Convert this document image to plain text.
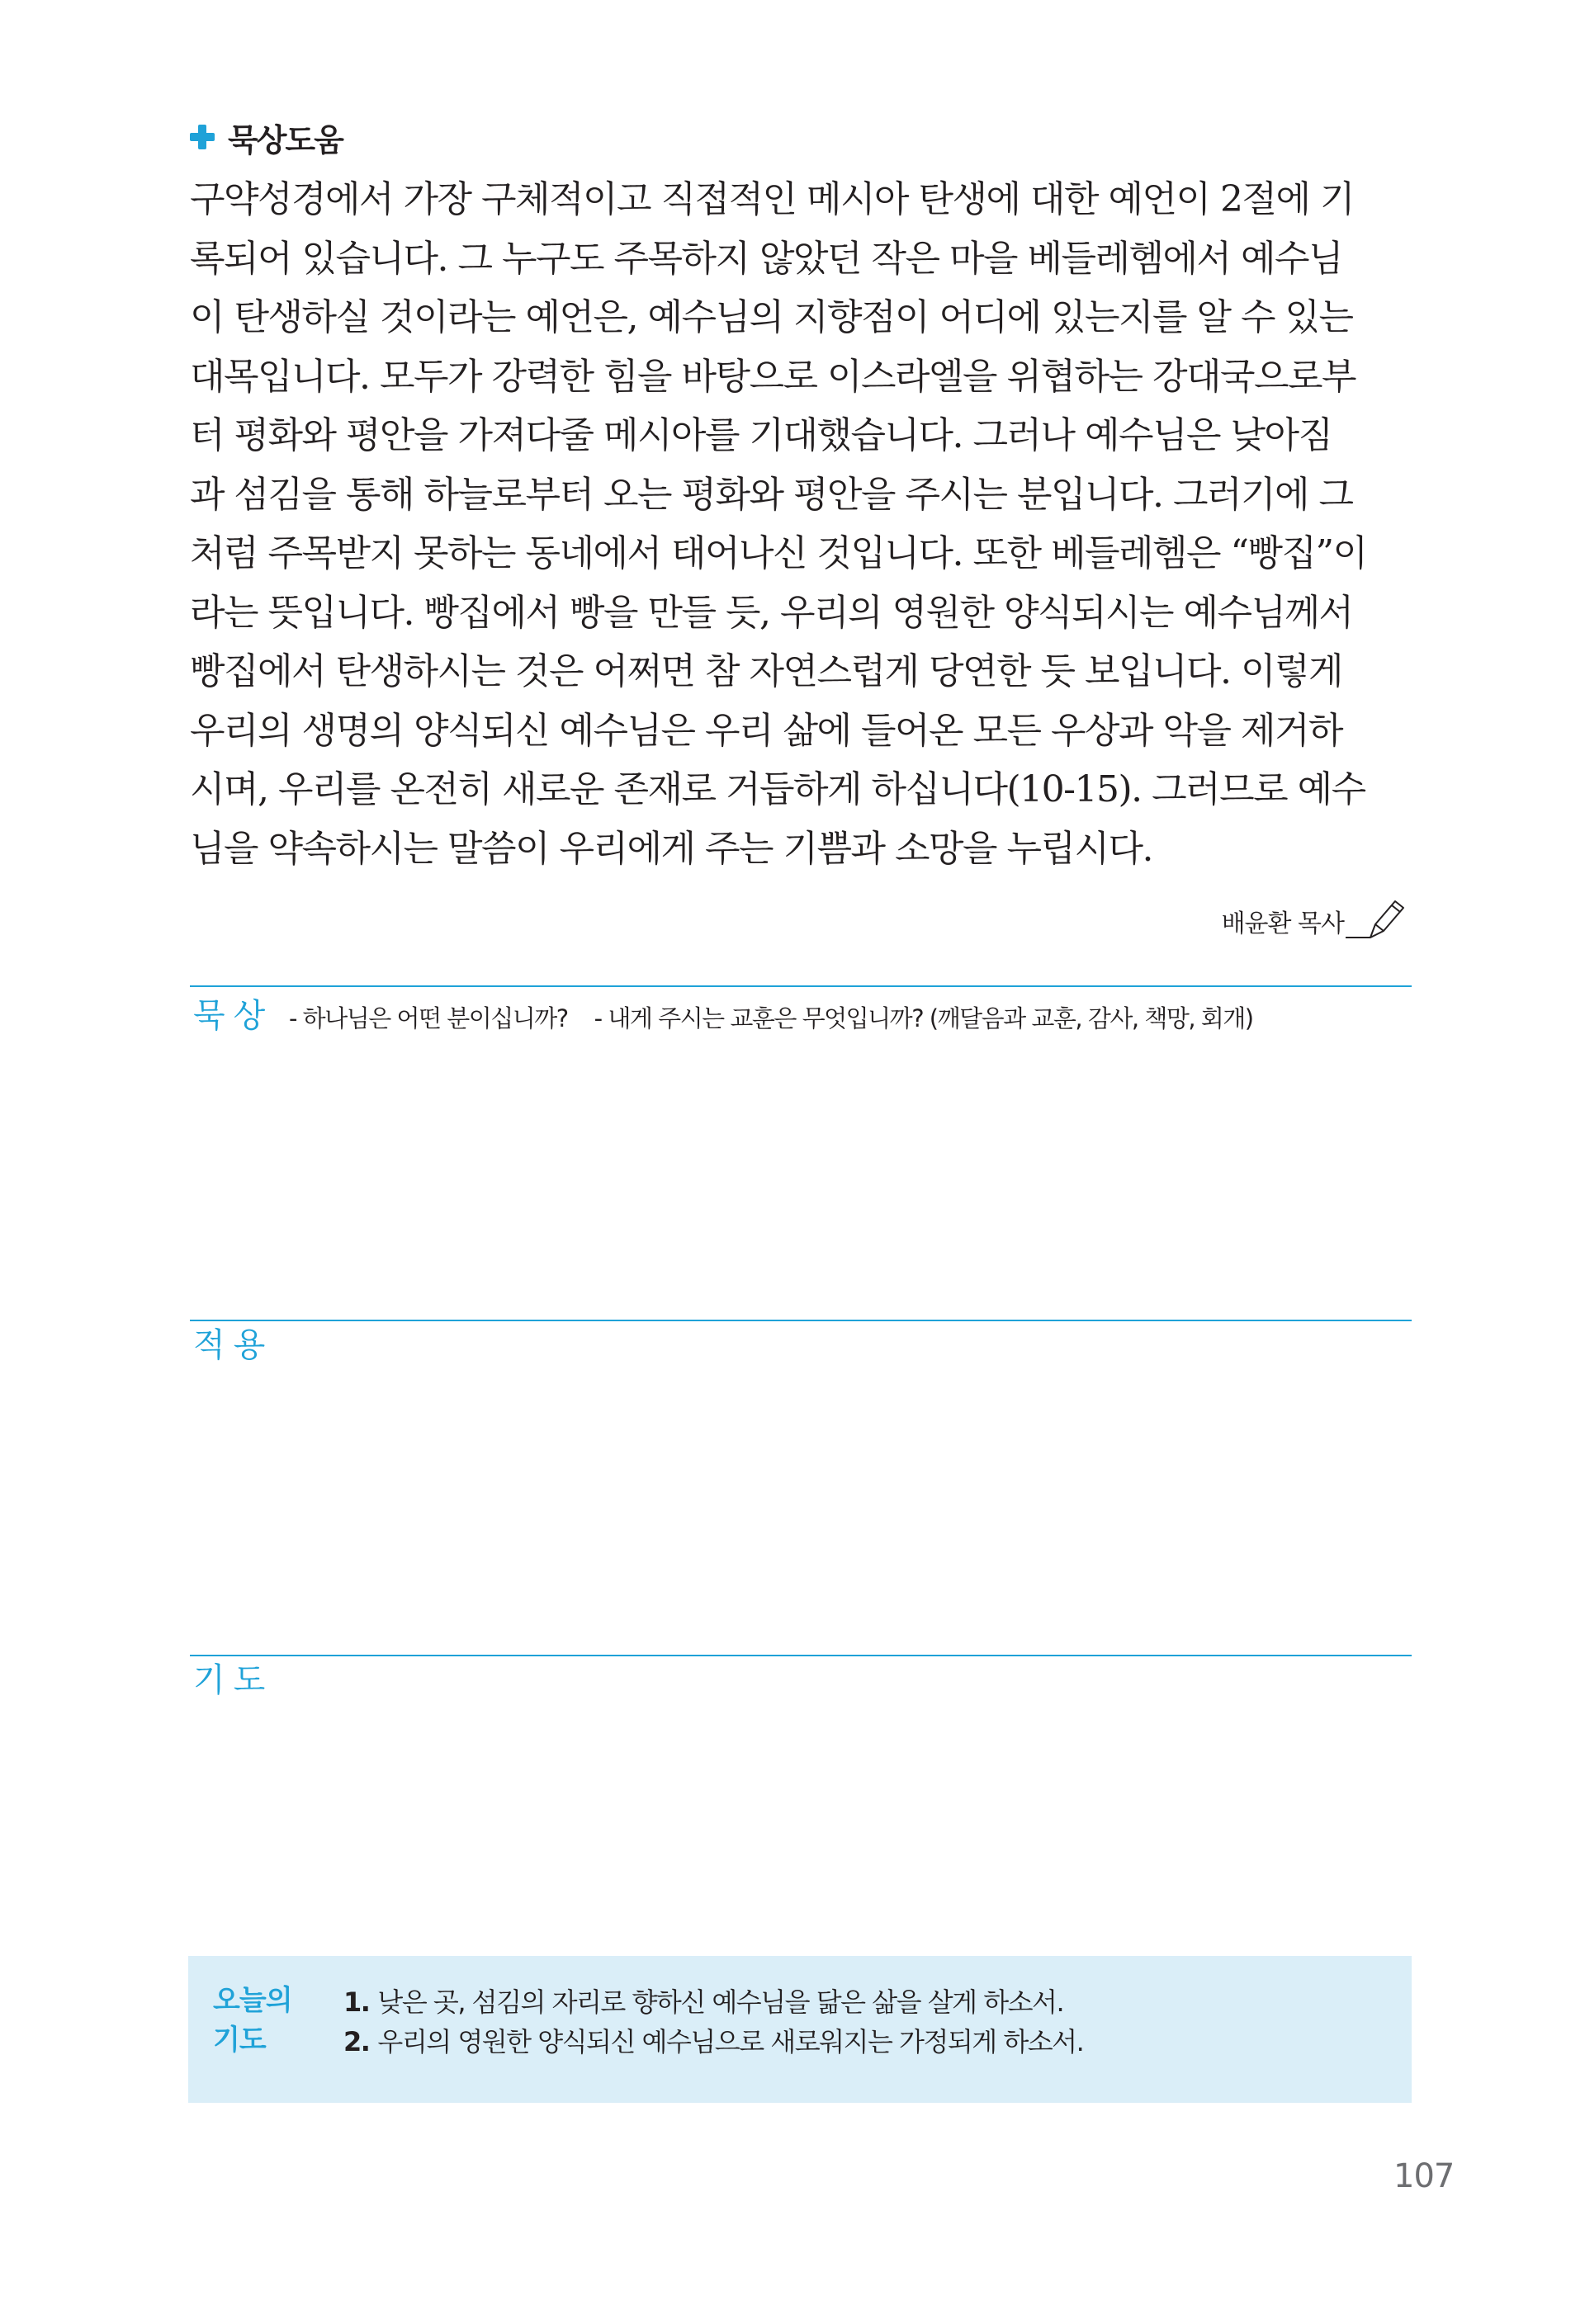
묵상도움
구약성경에서 가장 구체적이고 직접적인 메시아 탄생에 대한 예언이 2절에 기
록되어 있습니다. 그 누구도 주목하지 않았던 작은 마을 베들레헴에서 예수님
이 탄생하실 것이라는 예언은, 예수님의 지향점이 어디에 있는지를 알 수 있는
대목입니다. 모두가 강력한 힘을 바탕으로 이스라엘을 위협하는 강대국으로부
터 평화와 평안을 가져다줄 메시아를 기대했습니다. 그러나 예수님은 낮아짐
과 섬김을 통해 하늘로부터 오는 평화와 평안을 주시는 분입니다. 그러기에 그
처럼 주목받지 못하는 동네에서 태어나신 것입니다. 또한 베들레헴은 “빵집”이
라는 뜻입니다. 빵집에서 빵을 만들 듯, 우리의 영원한 양식되시는 예수님께서
빵집에서 탄생하시는 것은 어쩌면 참 자연스럽게 당연한 듯 보입니다. 이렇게
우리의 생명의 양식되신 예수님은 우리 삶에 들어온 모든 우상과 악을 제거하
시며, 우리를 온전히 새로운 존재로 거듭하게 하십니다(10-15). 그러므로 예수
님을 약속하시는 말씀이 우리에게 주는 기쁨과 소망을 누립시다.
배윤환 목사
묵상 - 하나님은 어떤 분이십니까? - 내게 주시는 교훈은 무엇입니까? (깨달음과 교훈, 감사, 책망, 회개)
적용
기도
오늘의
기도
1. 낮은 곳, 섬김의 자리로 향하신 예수님을 닮은 삶을 살게 하소서.
2. 우리의 영원한 양식되신 예수님으로 새로워지는 가정되게 하소서.
107
